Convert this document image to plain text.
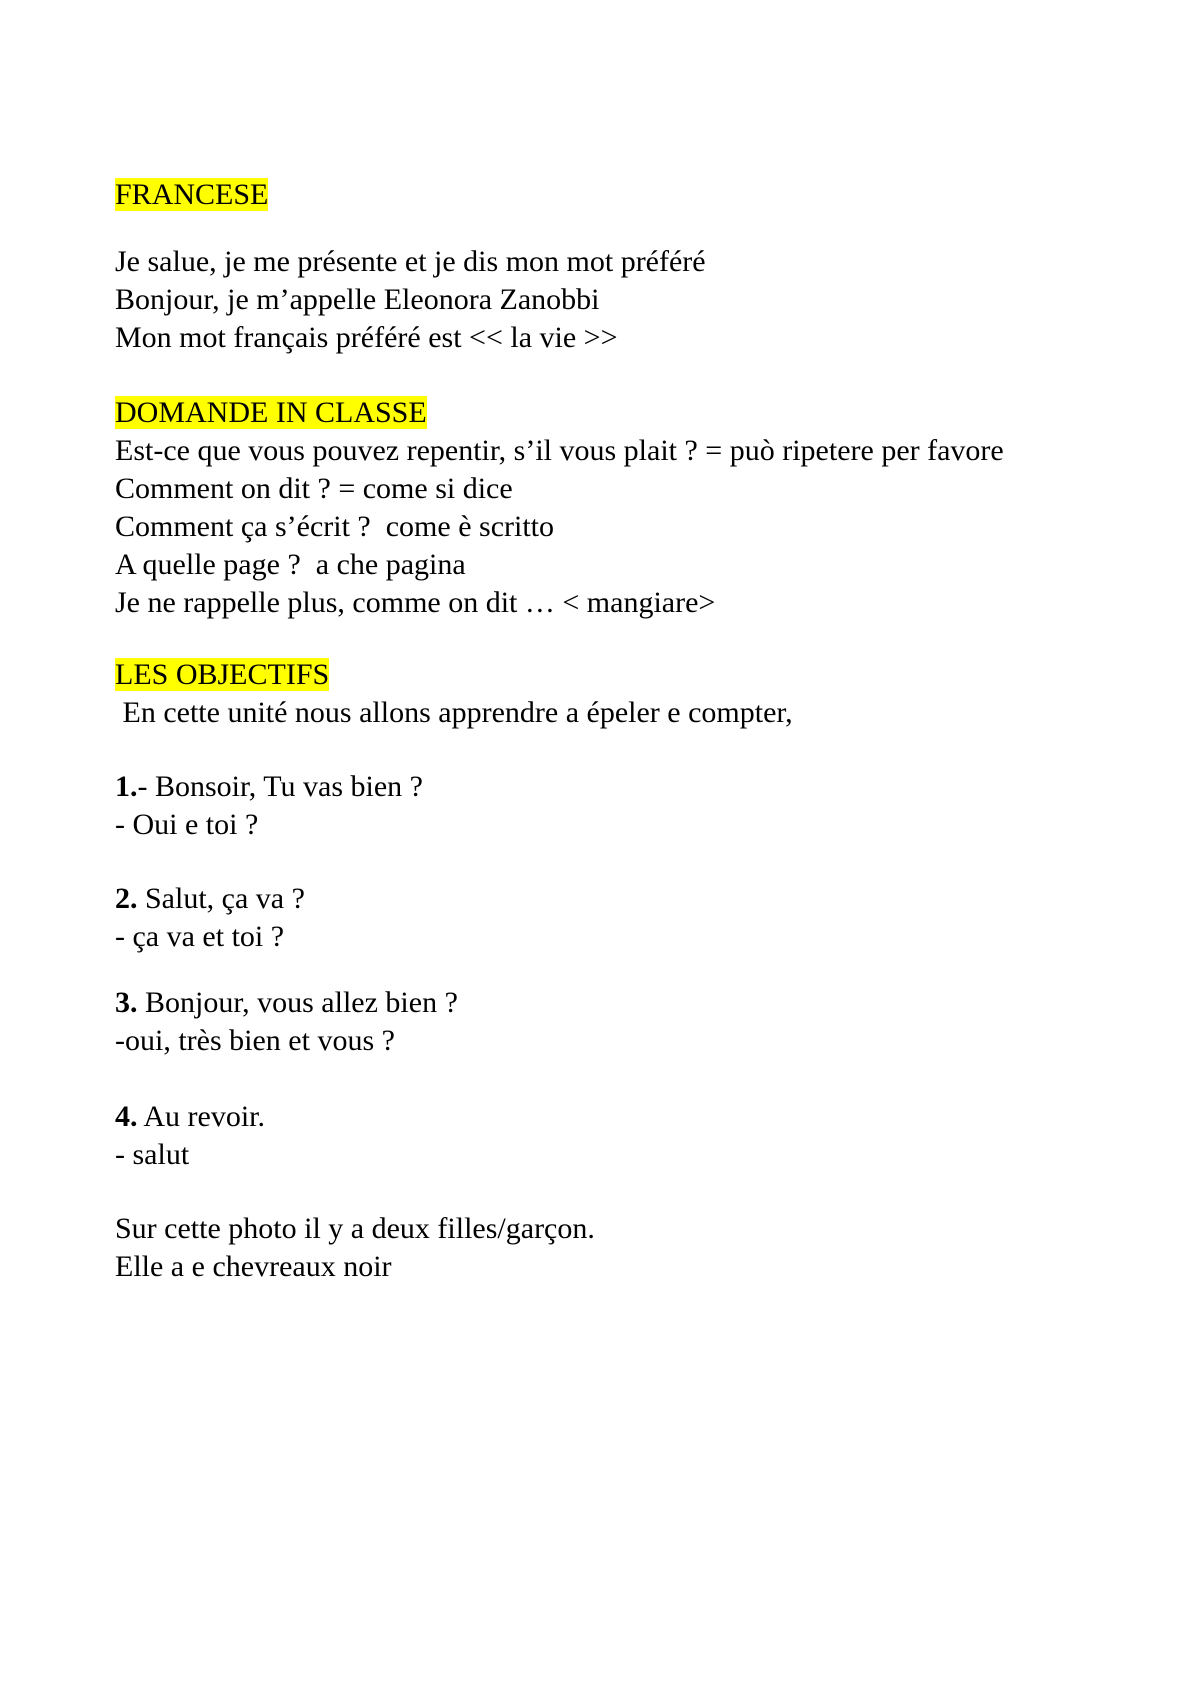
FRANCESE

Je salue, je me présente et je dis mon mot préféré

Bonjour, je m’appelle Eleonora Zanobbi

Mon mot français préféré est << la vie >>

DOMANDE IN CLASSE

Est-ce que vous pouvez repentir, s’il vous plait ? = può ripetere per favore

Comment on dit ? = come si dice

Comment ça s’écrit ?  come è scritto

A quelle page ?  a che pagina

Je ne rappelle plus, comme on dit … < mangiare>

LES OBJECTIFS

En cette unité nous allons apprendre a épeler e compter,

1.- Bonsoir, Tu vas bien ?

- Oui e toi ?

2. Salut, ça va ?

- ça va et toi ?

3. Bonjour, vous allez bien ?

-oui, très bien et vous ?

4. Au revoir.

- salut

Sur cette photo il y a deux filles/garçon.

Elle a e chevreaux noir
